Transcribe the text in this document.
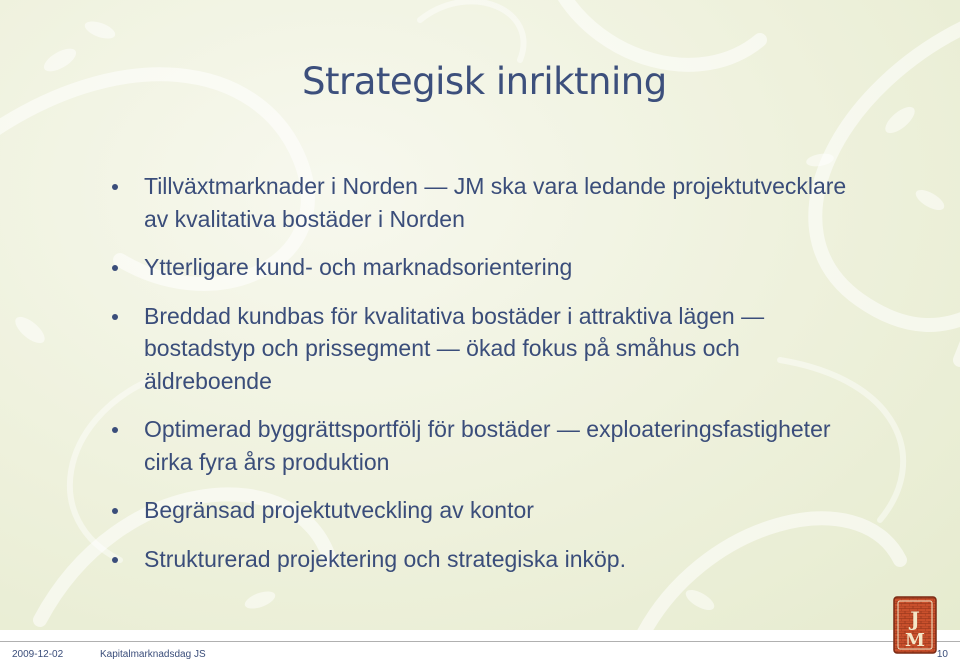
Strategisk inriktning
Tillväxtmarknader i Norden — JM ska vara ledande projektutvecklare av kvalitativa bostäder i Norden
Ytterligare kund- och marknadsorientering
Breddad kundbas för kvalitativa bostäder i attraktiva lägen — bostadstyp och prissegment — ökad fokus på småhus och äldreboende
Optimerad byggrättsportfölj för bostäder — exploateringsfastigheter cirka fyra års produktion
Begränsad projektutveckling av kontor
Strukturerad projektering och strategiska inköp.
2009-12-02	Kapitalmarknadsdag JS	10
J
M
